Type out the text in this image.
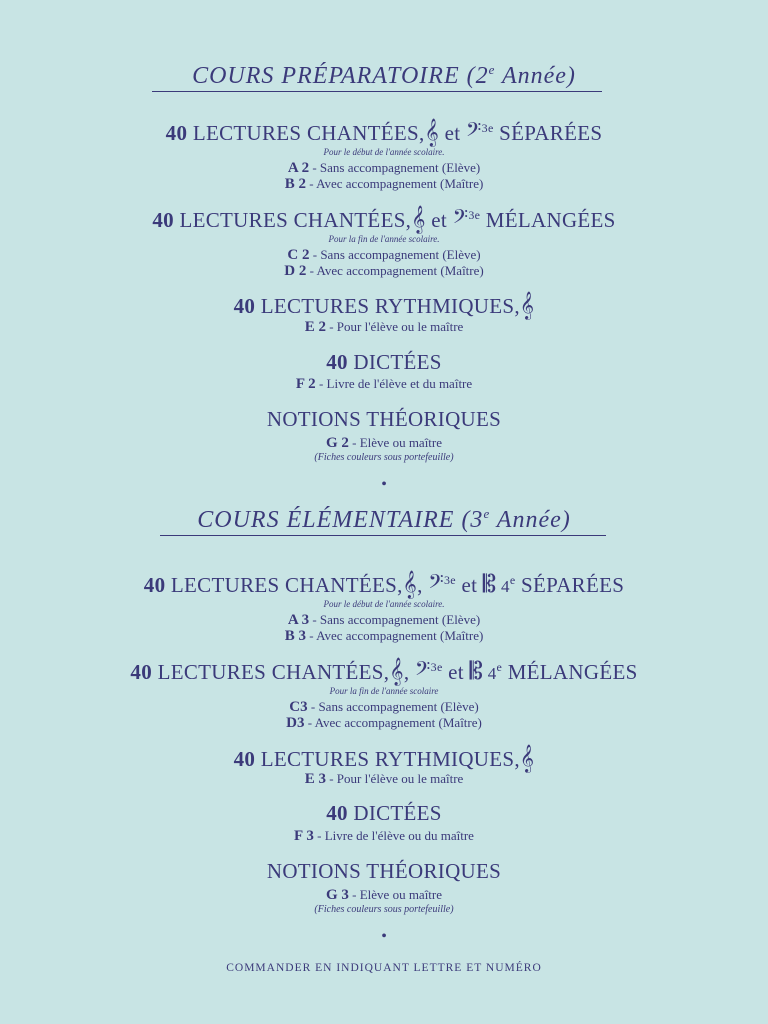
COURS PRÉPARATOIRE (2e Année)
40 LECTURES CHANTÉES,𝄞 et 𝄢$^{3e}$ SÉPARÉES
Pour le début de l'année scolaire.
A 2 - Sans accompagnement (Elève)
B 2 - Avec accompagnement (Maître)
40 LECTURES CHANTÉES,𝄞 et 𝄢$^{3e}$ MÉLANGÉES
Pour la fin de l'année scolaire.
C 2 - Sans accompagnement (Elève)
D 2 - Avec accompagnement (Maître)
40 LECTURES RYTHMIQUES,𝄞
E 2 - Pour l'élève ou le maître
40 DICTÉES
F 2 - Livre de l'élève et du maître
NOTIONS THÉORIQUES
G 2 - Elève ou maître
(Fiches couleurs sous portefeuille)
•
COURS ÉLÉMENTAIRE (3e Année)
40 LECTURES CHANTÉES,𝄞, 𝄢$^{3e}$ et 𝄡 4e SÉPARÉES
Pour le début de l'année scolaire.
A 3 - Sans accompagnement (Elève)
B 3 - Avec accompagnement (Maître)
40 LECTURES CHANTÉES,𝄞, 𝄢$^{3e}$ et 𝄡 4e MÉLANGÉES
Pour la fin de l'année scolaire
C3 - Sans accompagnement (Elève)
D3 - Avec accompagnement (Maître)
40 LECTURES RYTHMIQUES,𝄞
E 3 - Pour l'élève ou le maître
40 DICTÉES
F 3 - Livre de l'élève ou du maître
NOTIONS THÉORIQUES
G 3 - Elève ou maître
(Fiches couleurs sous portefeuille)
•
COMMANDER EN INDIQUANT LETTRE ET NUMÉRO
